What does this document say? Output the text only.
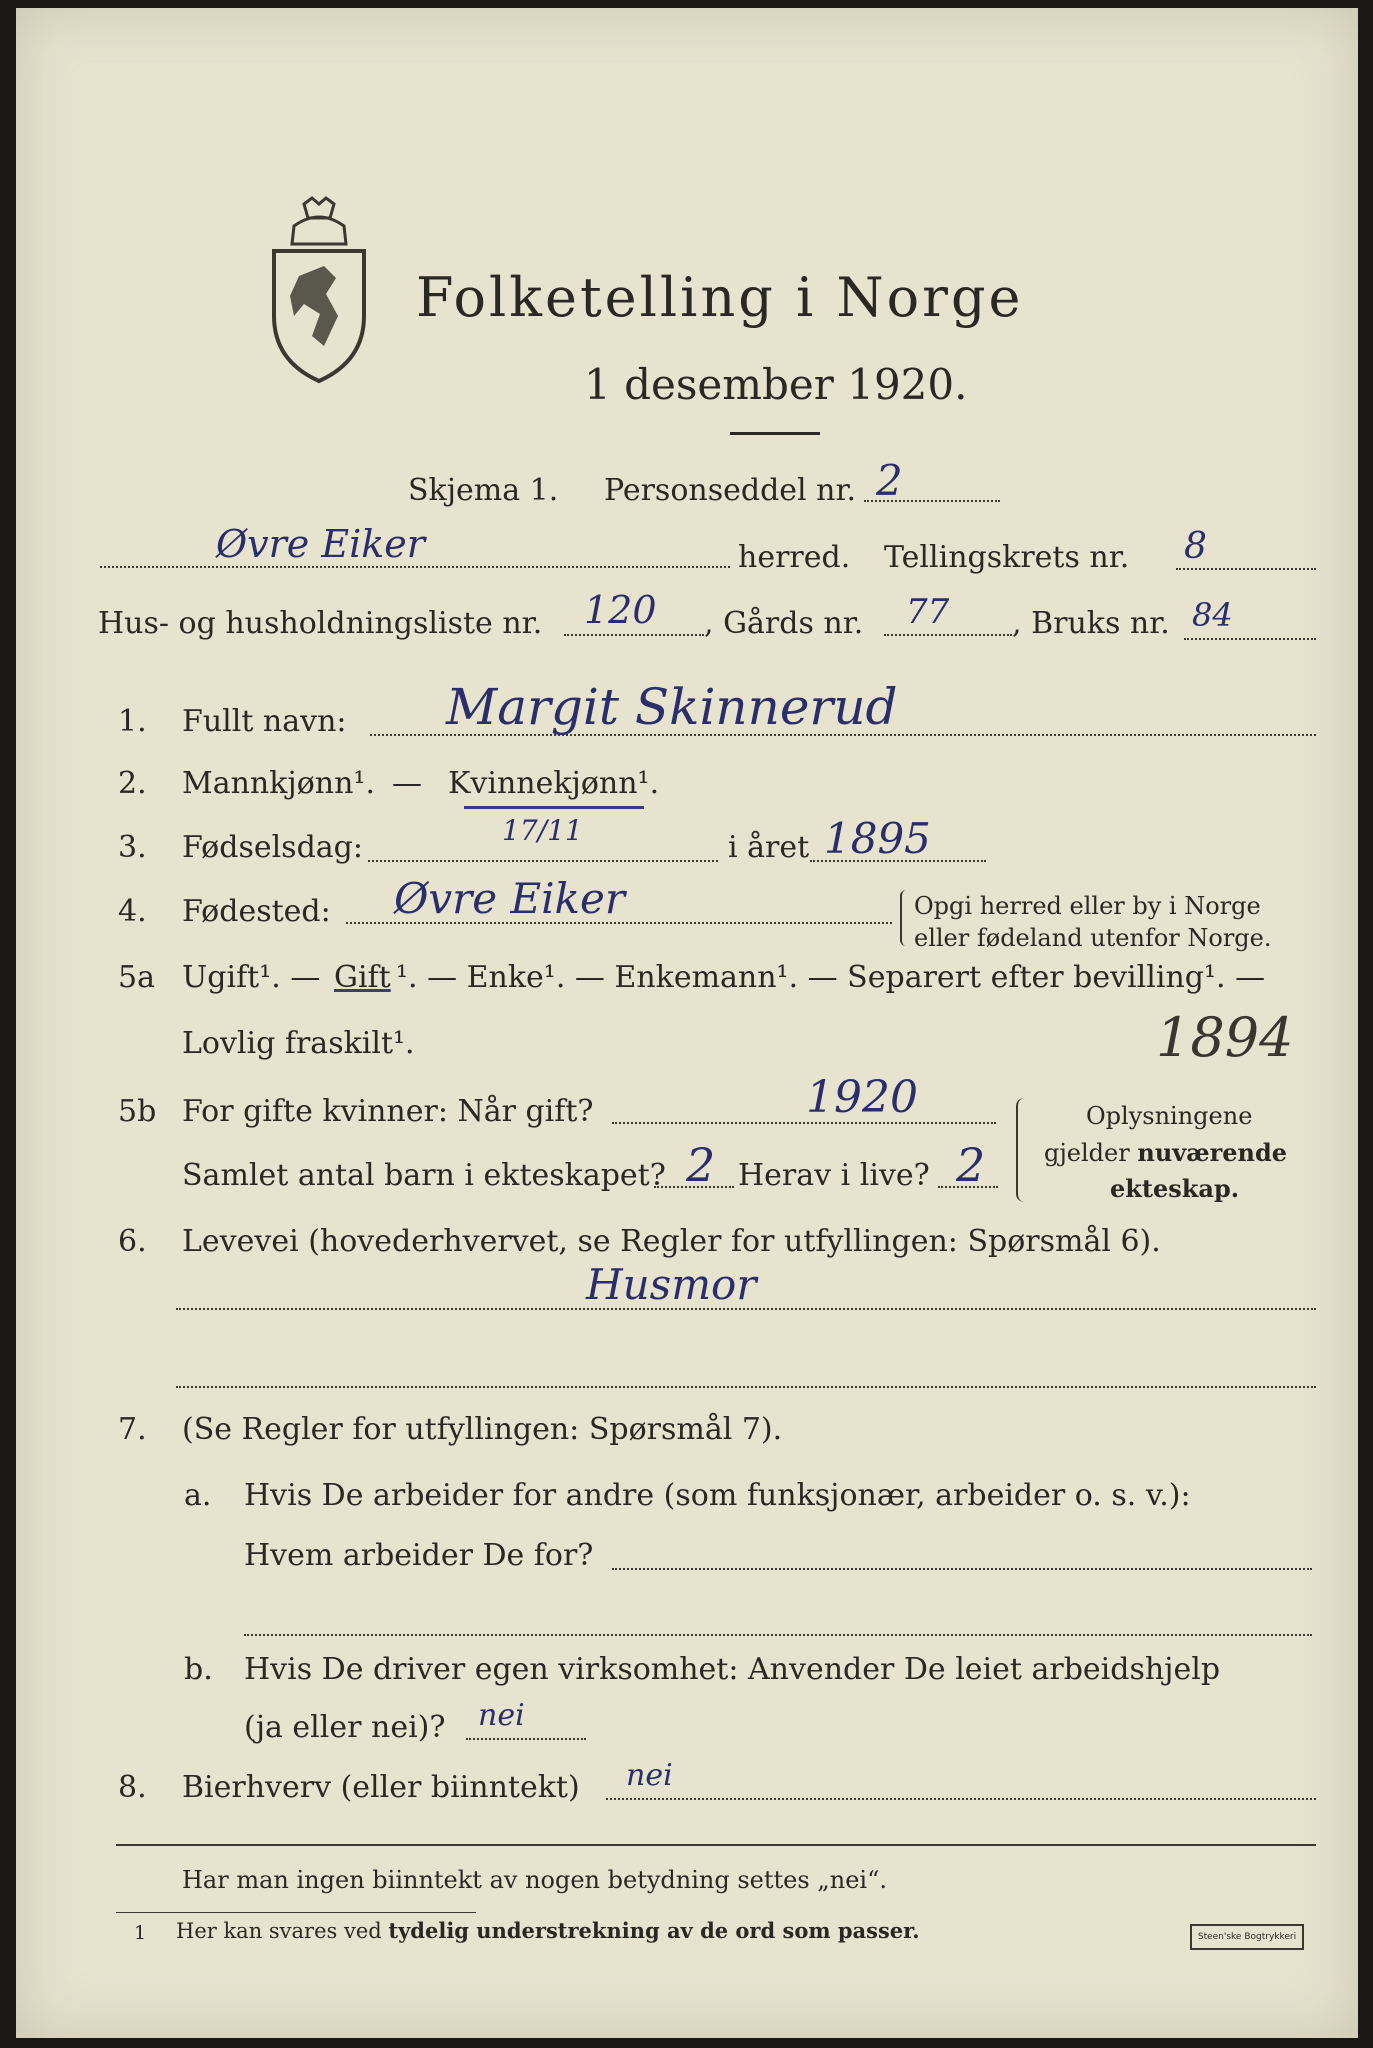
Folketelling i Norge
1 desember 1920.
Skjema 1. Personseddel nr. 2
Øvre Eiker	herred. Tellingskrets nr. 8
Hus- og husholdningsliste nr. 120 , Gårds nr. 77 , Bruks nr. 84
1. Fullt navn: Margit Skinnerud
2. Mannkjønn¹. — Kvinnekjønn¹.
3. Fødselsdag:	17/11	i året 1895
4. Fødested: Øvre Eiker	Opgi herred eller by i Norge
eller fødeland utenfor Norge.
5a Ugift¹. — Gift ¹. — Enke¹. — Enkemann¹. — Separert efter bevilling¹. —
Lovlig fraskilt¹.	1894
5b For gifte kvinner: Når gift?	1920
Samlet antal barn i ekteskapet? 2 Herav i live? 2
Oplysningene
gjelder nuværende
ekteskap.
6. Levevei (hovederhvervet, se Regler for utfyllingen: Spørsmål 6).
Husmor
7. (Se Regler for utfyllingen: Spørsmål 7).
a. Hvis De arbeider for andre (som funksjonær, arbeider o. s. v.):
Hvem arbeider De for?
b. Hvis De driver egen virksomhet: Anvender De leiet arbeidshjelp
(ja eller nei)? nei
8. Bierhverv (eller biinntekt) nei
Har man ingen biinntekt av nogen betydning settes „nei“.
1 Her kan svares ved tydelig understrekning av de ord som passer.	Steen'ske Bogtrykkeri
